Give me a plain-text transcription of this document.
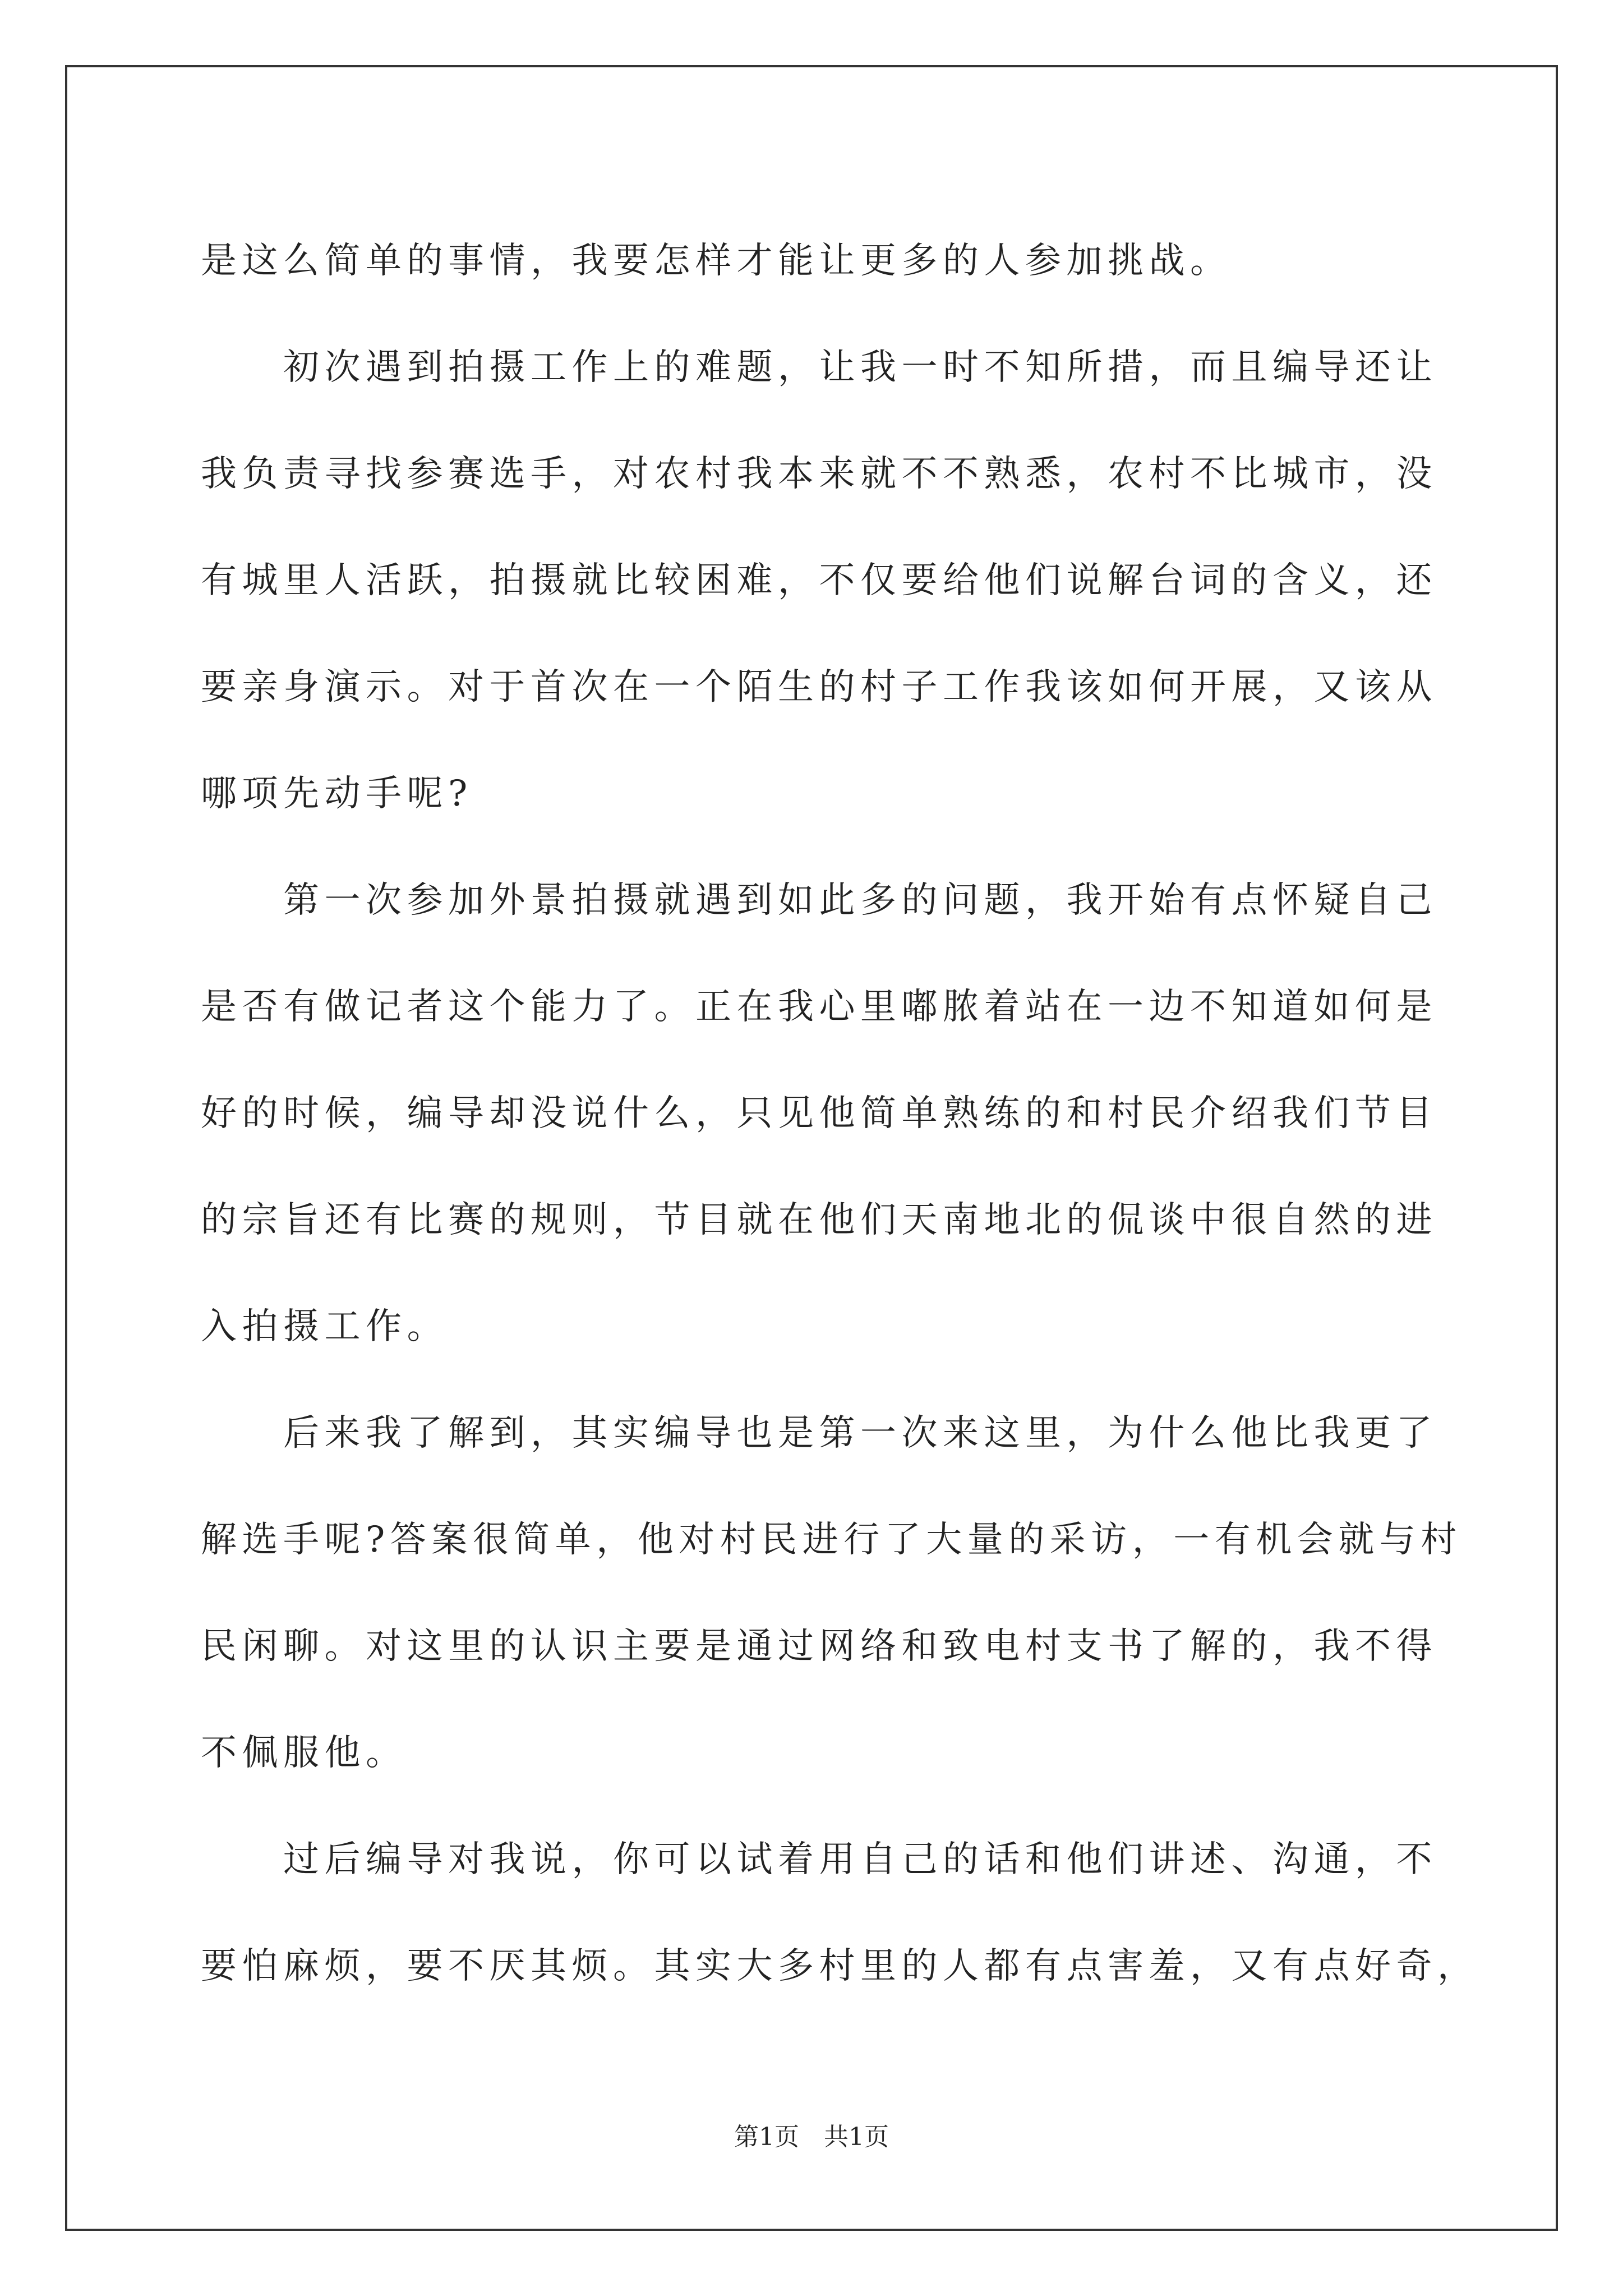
是这么简单的事情，我要怎样才能让更多的人参加挑战。
　　初次遇到拍摄工作上的难题，让我一时不知所措，而且编导还让
我负责寻找参赛选手，对农村我本来就不不熟悉，农村不比城市，没
有城里人活跃，拍摄就比较困难，不仅要给他们说解台词的含义，还
要亲身演示。对于首次在一个陌生的村子工作我该如何开展，又该从
哪项先动手呢?
　　第一次参加外景拍摄就遇到如此多的问题，我开始有点怀疑自己
是否有做记者这个能力了。正在我心里嘟脓着站在一边不知道如何是
好的时候，编导却没说什么，只见他简单熟练的和村民介绍我们节目
的宗旨还有比赛的规则，节目就在他们天南地北的侃谈中很自然的进
入拍摄工作。
　　后来我了解到，其实编导也是第一次来这里，为什么他比我更了
解选手呢?答案很简单，他对村民进行了大量的采访，一有机会就与村
民闲聊。对这里的认识主要是通过网络和致电村支书了解的，我不得
不佩服他。
　　过后编导对我说，你可以试着用自己的话和他们讲述、沟通，不
要怕麻烦，要不厌其烦。其实大多村里的人都有点害羞，又有点好奇，
第1页　共1页
